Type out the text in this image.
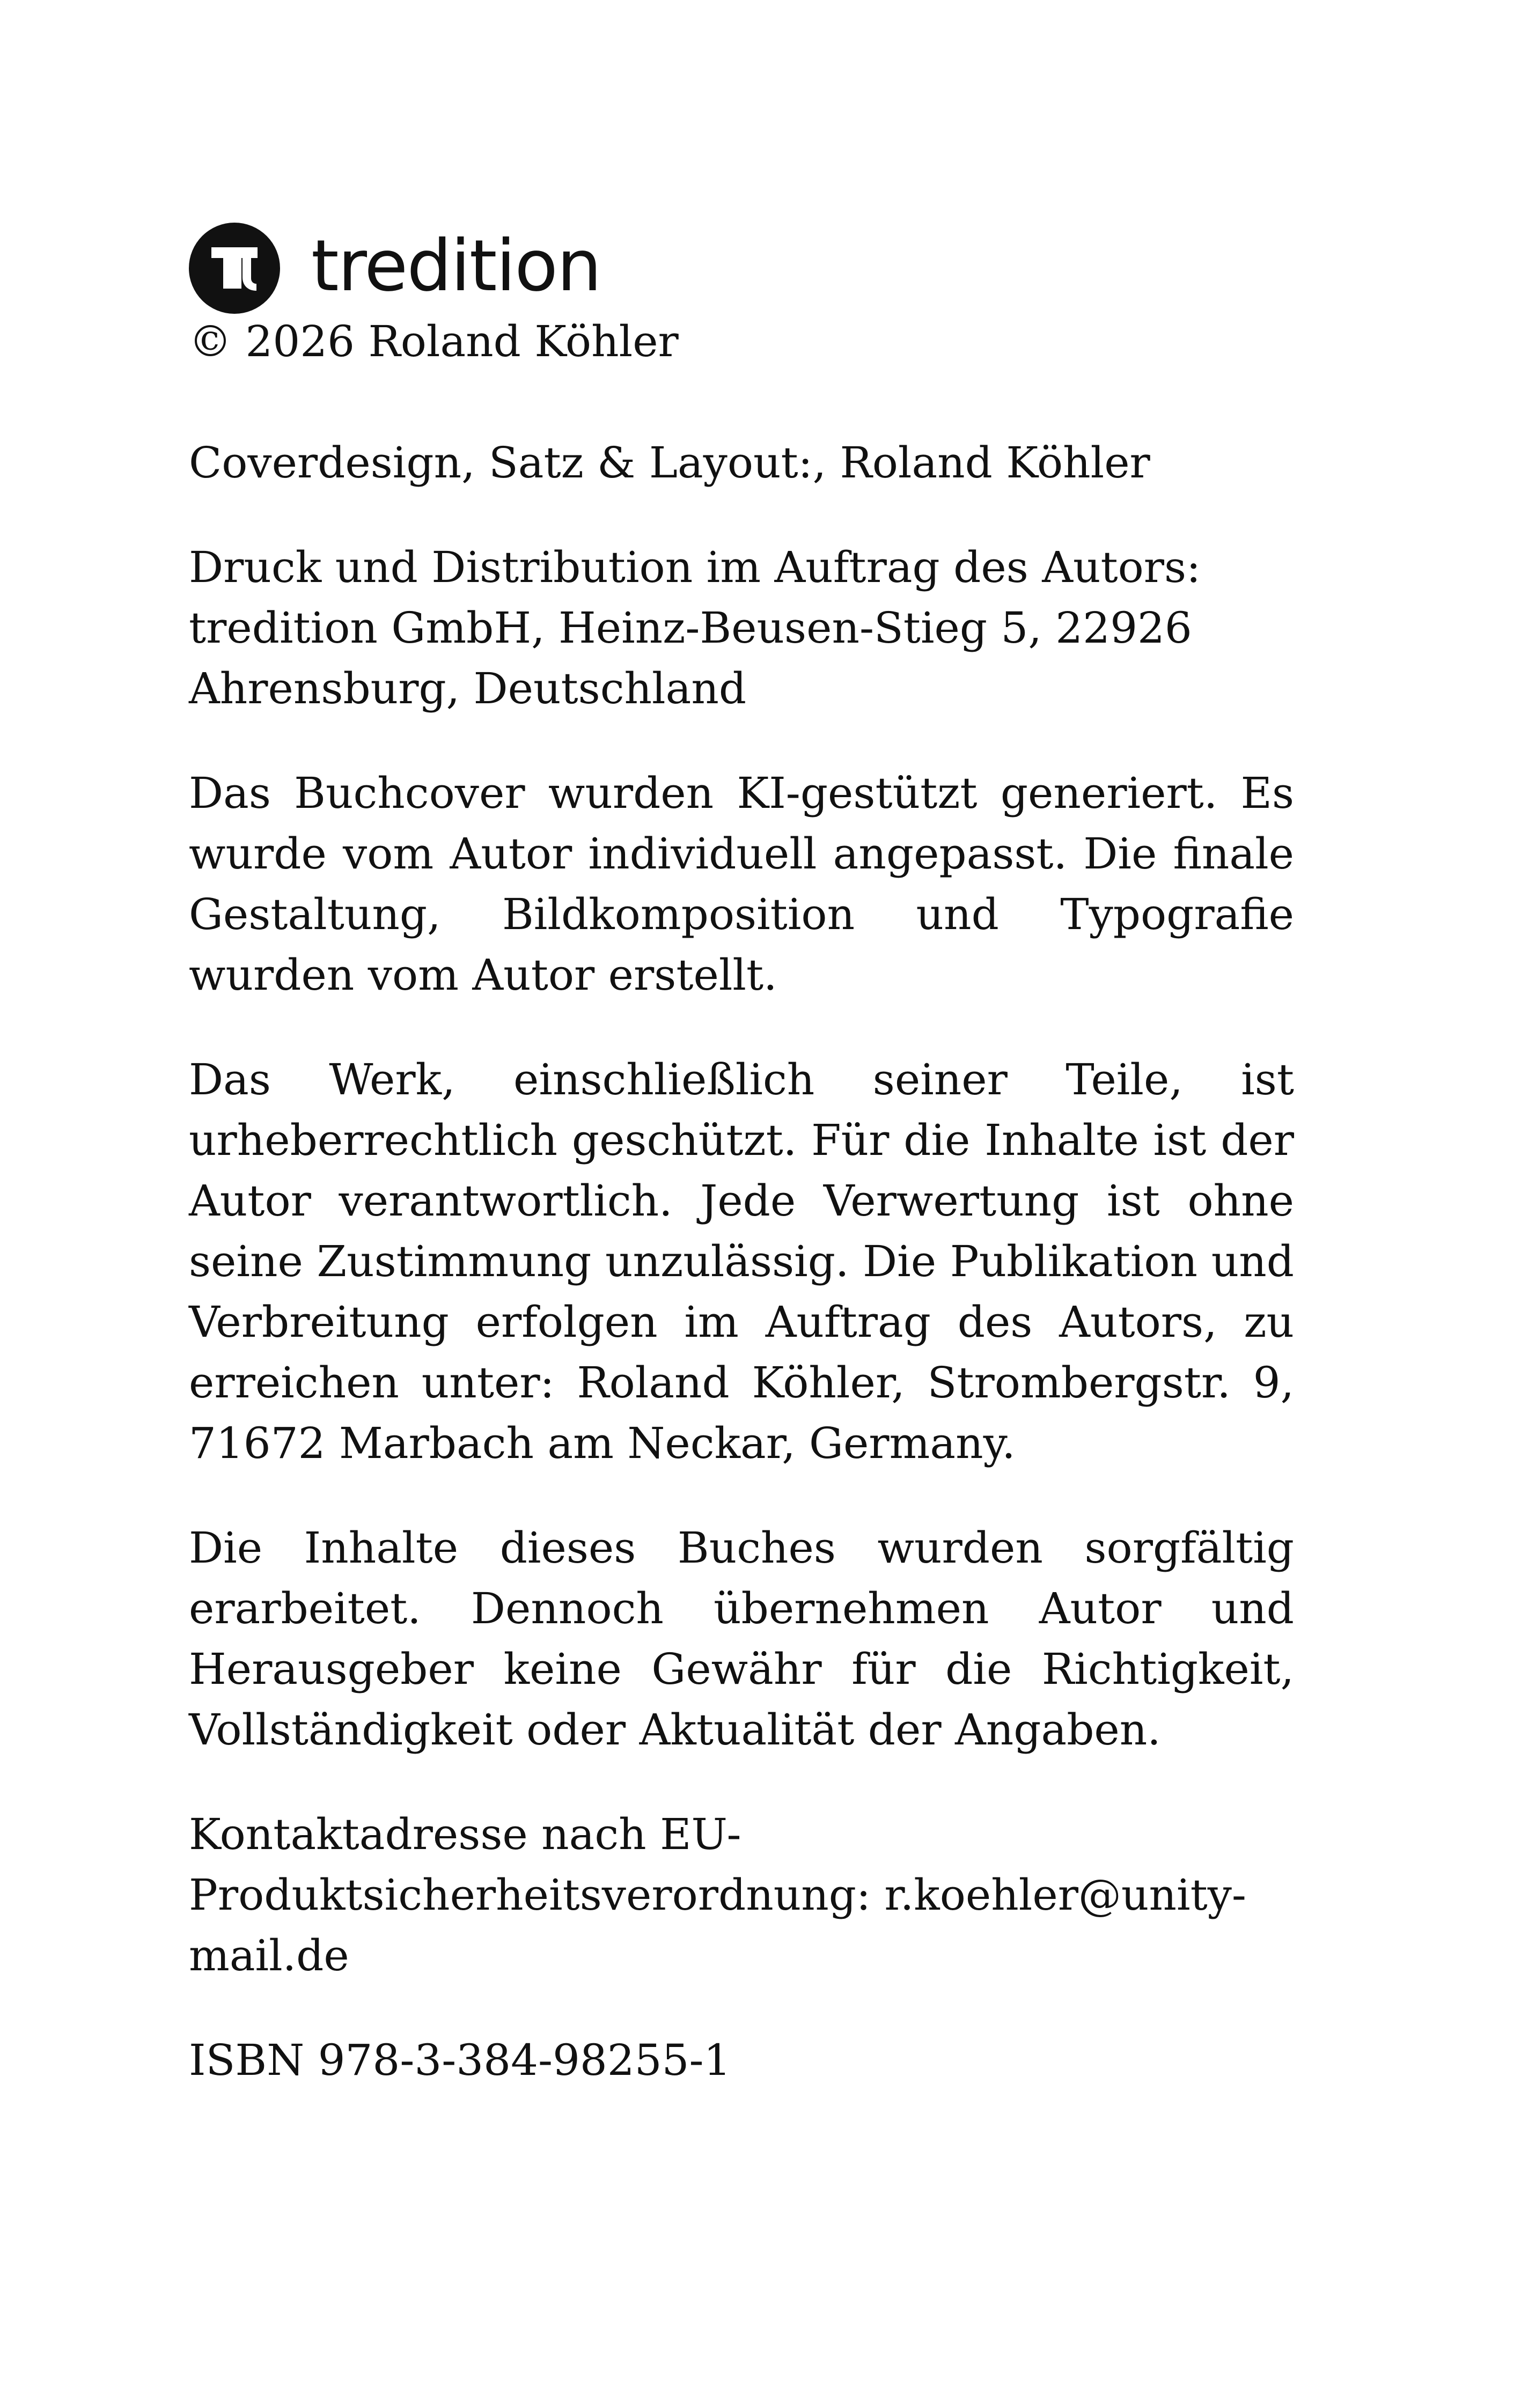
tredition
© 2026 Roland Köhler
Coverdesign, Satz & Layout:, Roland Köhler
Druck und Distribution im Auftrag des Autors:
tredition GmbH, Heinz-Beusen-Stieg 5, 22926
Ahrensburg, Deutschland
Das Buchcover wurden KI-gestützt generiert. Es wurde vom Autor individuell angepasst. Die finale Gestaltung, Bildkomposition und Typografie wurden vom Autor erstellt.
Das Werk, einschließlich seiner Teile, ist urheberrechtlich geschützt. Für die Inhalte ist der Autor verantwortlich. Jede Verwertung ist ohne seine Zustimmung unzulässig. Die Publikation und Verbreitung erfolgen im Auftrag des Autors, zu erreichen unter: Roland Köhler, Strombergstr. 9, 71672 Marbach am Neckar, Germany.
Die Inhalte dieses Buches wurden sorgfältig erarbeitet. Dennoch übernehmen Autor und Herausgeber keine Gewähr für die Richtigkeit, Vollständigkeit oder Aktualität der Angaben.
Kontaktadresse nach EU-
Produktsicherheitsverordnung: r.koehler@unity-
mail.de
ISBN 978-3-384-98255-1
